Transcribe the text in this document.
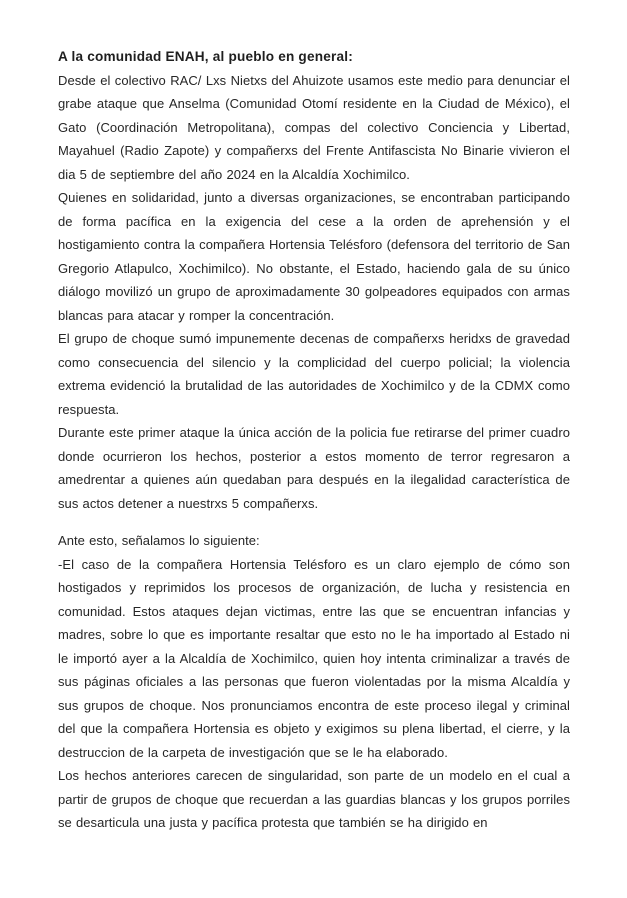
A la comunidad ENAH, al pueblo en general:

Desde el colectivo RAC/ Lxs Nietxs del Ahuizote usamos este medio para denunciar el grabe ataque que Anselma (Comunidad Otomí residente en la Ciudad de México), el Gato (Coordinación Metropolitana), compas del colectivo Conciencia y Libertad, Mayahuel (Radio Zapote) y compañerxs del Frente Antifascista No Binarie vivieron el dia 5 de septiembre del año 2024 en la Alcaldía Xochimilco.

Quienes en solidaridad, junto a diversas organizaciones, se encontraban participando de forma pacífica en la exigencia del cese a la orden de aprehensión y el hostigamiento contra la compañera Hortensia Telésforo (defensora del territorio de San Gregorio Atlapulco, Xochimilco). No obstante, el Estado, haciendo gala de su único diálogo movilizó un grupo de aproximadamente 30 golpeadores equipados con armas blancas para atacar y romper la concentración.

El grupo de choque sumó impunemente decenas de compañerxs heridxs de gravedad como consecuencia del silencio y la complicidad del cuerpo policial; la violencia extrema evidenció la brutalidad de las autoridades de Xochimilco y de la CDMX como respuesta.

Durante este primer ataque la única acción de la policia fue retirarse del primer cuadro donde ocurrieron los hechos, posterior a estos momento de terror regresaron a amedrentar a quienes aún quedaban para después en la ilegalidad característica de sus actos detener a nuestrxs 5 compañerxs.

Ante esto, señalamos lo siguiente:

-El caso de la compañera Hortensia Telésforo es un claro ejemplo de cómo son hostigados y reprimidos los procesos de organización, de lucha y resistencia en comunidad. Estos ataques dejan victimas, entre las que se encuentran infancias y madres, sobre lo que es importante resaltar que esto no le ha importado al Estado ni le importó ayer a la Alcaldía de Xochimilco, quien hoy intenta criminalizar a través de sus páginas oficiales a las personas que fueron violentadas por la misma Alcaldía y sus grupos de choque. Nos pronunciamos encontra de este proceso ilegal y criminal del que la compañera Hortensia es objeto y exigimos su plena libertad, el cierre, y la destruccion de la carpeta de investigación que se le ha elaborado.

Los hechos anteriores carecen de singularidad, son parte de un modelo en el cual a partir de grupos de choque que recuerdan a las guardias blancas y los grupos porriles se desarticula una justa y pacífica protesta que también se ha dirigido en
